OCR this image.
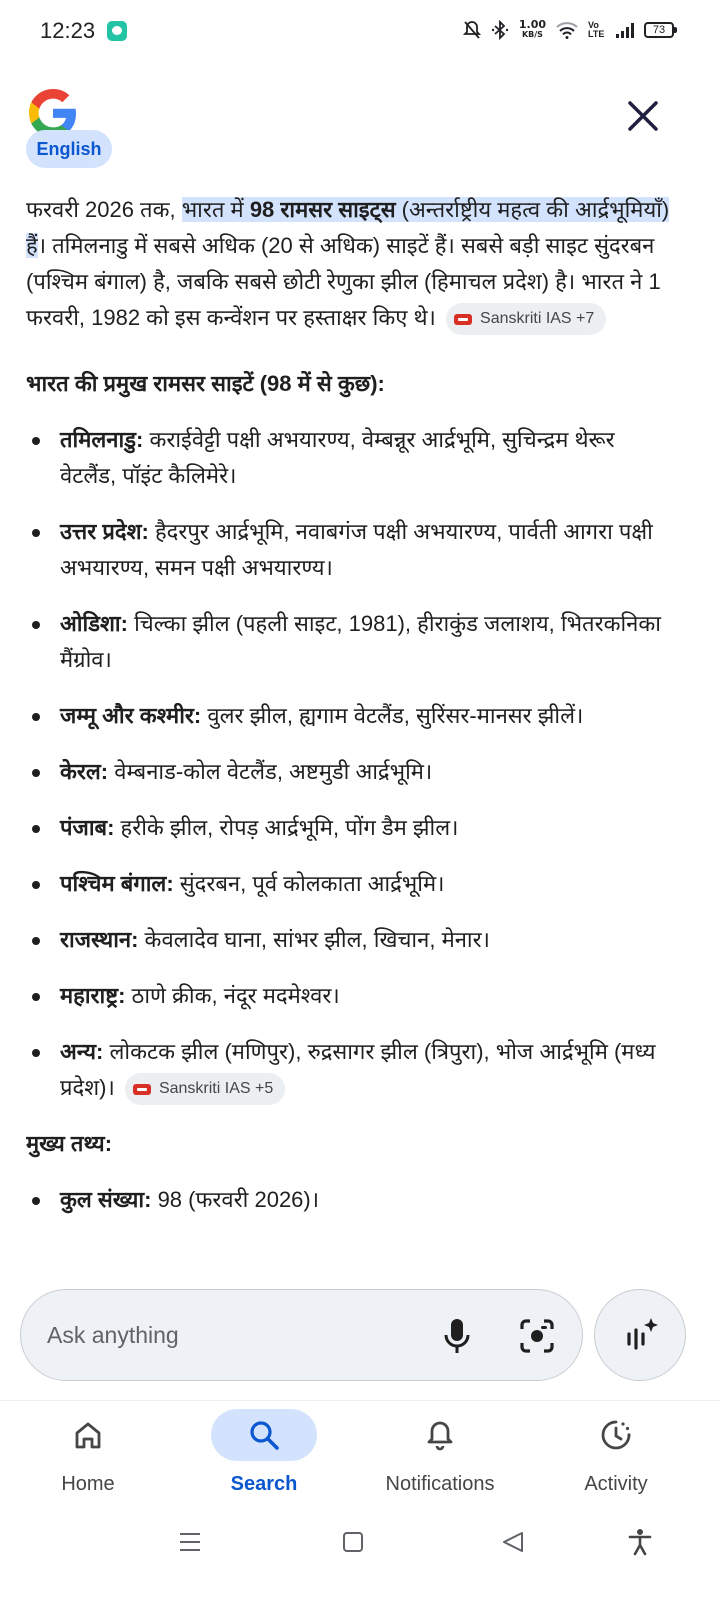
12:23	1.00
KB/S
Vo LTE	73
English

फरवरी 2026 तक, भारत में 98 रामसर साइट्स (अन्तर्राष्ट्रीय महत्व की आर्द्रभूमियाँ) हैं। तमिलनाडु में सबसे अधिक (20 से अधिक) साइटें हैं। सबसे बड़ी साइट सुंदरबन (पश्चिम बंगाल) है, जबकि सबसे छोटी रेणुका झील (हिमाचल प्रदेश) है। भारत ने 1 फरवरी, 1982 को इस कन्वेंशन पर हस्ताक्षर किए थे।	Sanskriti IAS +7

भारत की प्रमुख रामसर साइटें (98 में से कुछ):
तमिलनाडु: कराईवेट्टी पक्षी अभयारण्य, वेम्बन्नूर आर्द्रभूमि, सुचिन्द्रम थेरूर वेटलैंड, पॉइंट कैलिमेरे।
उत्तर प्रदेश: हैदरपुर आर्द्रभूमि, नवाबगंज पक्षी अभयारण्य, पार्वती आगरा पक्षी अभयारण्य, समन पक्षी अभयारण्य।
ओडिशा: चिल्का झील (पहली साइट, 1981), हीराकुंड जलाशय, भितरकनिका मैंग्रोव।
जम्मू और कश्मीर: वुलर झील, ह्यगाम वेटलैंड, सुरिंसर-मानसर झीलें।
केरल: वेम्बनाड-कोल वेटलैंड, अष्टमुडी आर्द्रभूमि।
पंजाब: हरीके झील, रोपड़ आर्द्रभूमि, पोंग डैम झील।
पश्चिम बंगाल: सुंदरबन, पूर्व कोलकाता आर्द्रभूमि।
राजस्थान: केवलादेव घाना, सांभर झील, खिचान, मेनार।
महाराष्ट्र: ठाणे क्रीक, नंदूर मदमेश्वर।
अन्य: लोकटक झील (मणिपुर), रुद्रसागर झील (त्रिपुरा), भोज आर्द्रभूमि (मध्य प्रदेश)।	Sanskriti IAS +5
मुख्य तथ्य:
कुल संख्या: 98 (फरवरी 2026)।
Ask anything
Home	Search	Notifications	Activity
